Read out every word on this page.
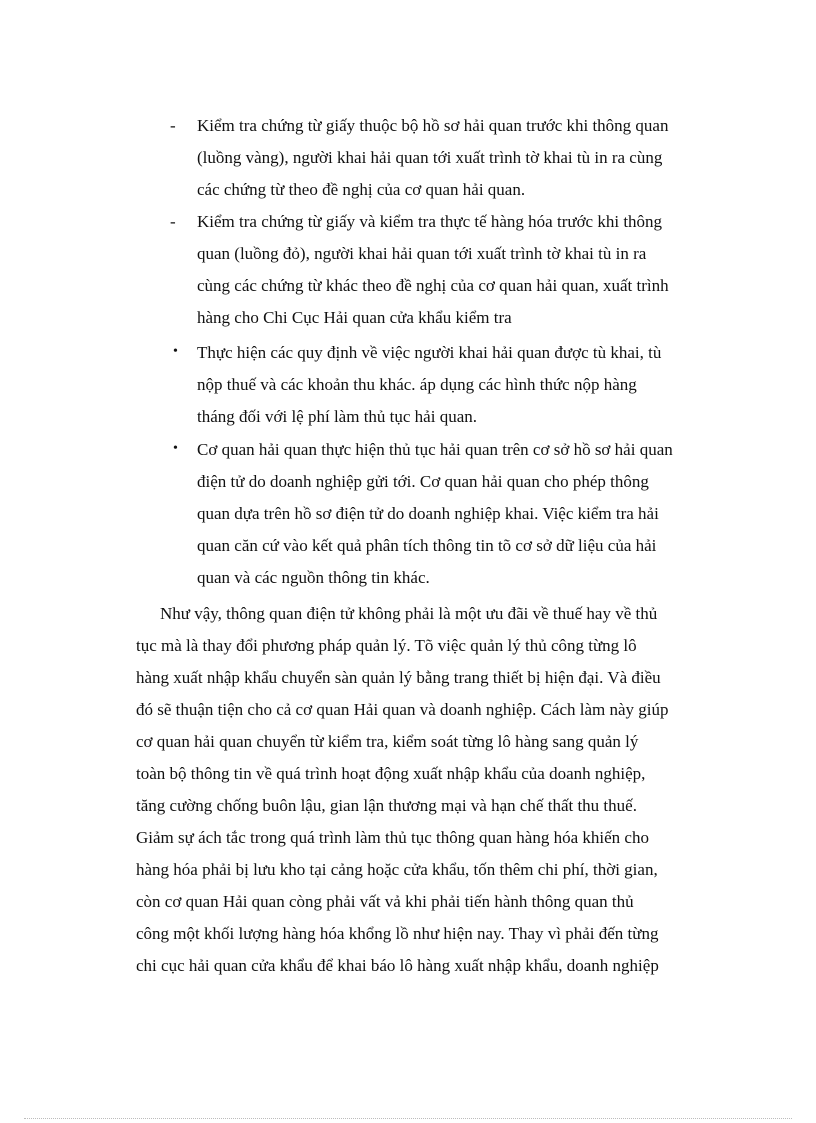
- Kiểm tra chứng từ giấy thuộc bộ hồ sơ hải quan trước khi thông quan
(luồng vàng), người khai hải quan tới xuất trình tờ khai tù in ra cùng
các chứng từ theo đề nghị của cơ quan hải quan.
- Kiểm tra chứng từ giấy và kiểm tra thực tế hàng hóa trước khi thông
quan (luồng đỏ), người khai hải quan tới xuất trình tờ khai tù in ra
cùng các chứng từ khác theo đề nghị của cơ quan hải quan, xuất trình
hàng cho Chi Cục Hải quan cửa khẩu kiểm tra
• Thực hiện các quy định về việc người khai hải quan được tù khai, tù
nộp thuế và các khoản thu khác. áp dụng các hình thức nộp hàng
tháng đối với lệ phí làm thủ tục hải quan.
• Cơ quan hải quan thực hiện thủ tục hải quan trên cơ sở hồ sơ hải quan
điện tử do doanh nghiệp gửi tới. Cơ quan hải quan cho phép thông
quan dựa trên hồ sơ điện tử do doanh nghiệp khai. Việc kiểm tra hải
quan căn cứ vào kết quả phân tích thông tin tõ cơ sở dữ liệu của hải
quan và các nguồn thông tin khác.
Như vậy, thông quan điện tử không phải là một ưu đãi về thuế hay về thủ
tục mà là thay đổi phương pháp quản lý. Tõ việc quản lý thủ công từng lô
hàng xuất nhập khẩu chuyển sàn quản lý bằng trang thiết bị hiện đại. Và điều
đó sẽ thuận tiện cho cả cơ quan Hải quan và doanh nghiệp. Cách làm này giúp
cơ quan hải quan chuyển từ kiểm tra, kiểm soát từng lô hàng sang quản lý
toàn bộ thông tin về quá trình hoạt động xuất nhập khẩu của doanh nghiệp,
tăng cường chống buôn lậu, gian lận thương mại và hạn chế thất thu thuế.
Giảm sự ách tắc trong quá trình làm thủ tục thông quan hàng hóa khiến cho
hàng hóa phải bị lưu kho tại cảng hoặc cửa khẩu, tốn thêm chi phí, thời gian,
còn cơ quan Hải quan còng phải vất vả khi phải tiến hành thông quan thủ
công một khối lượng hàng hóa khổng lồ như hiện nay. Thay vì phải đến từng
chi cục hải quan cửa khẩu để khai báo lô hàng xuất nhập khẩu, doanh nghiệp
